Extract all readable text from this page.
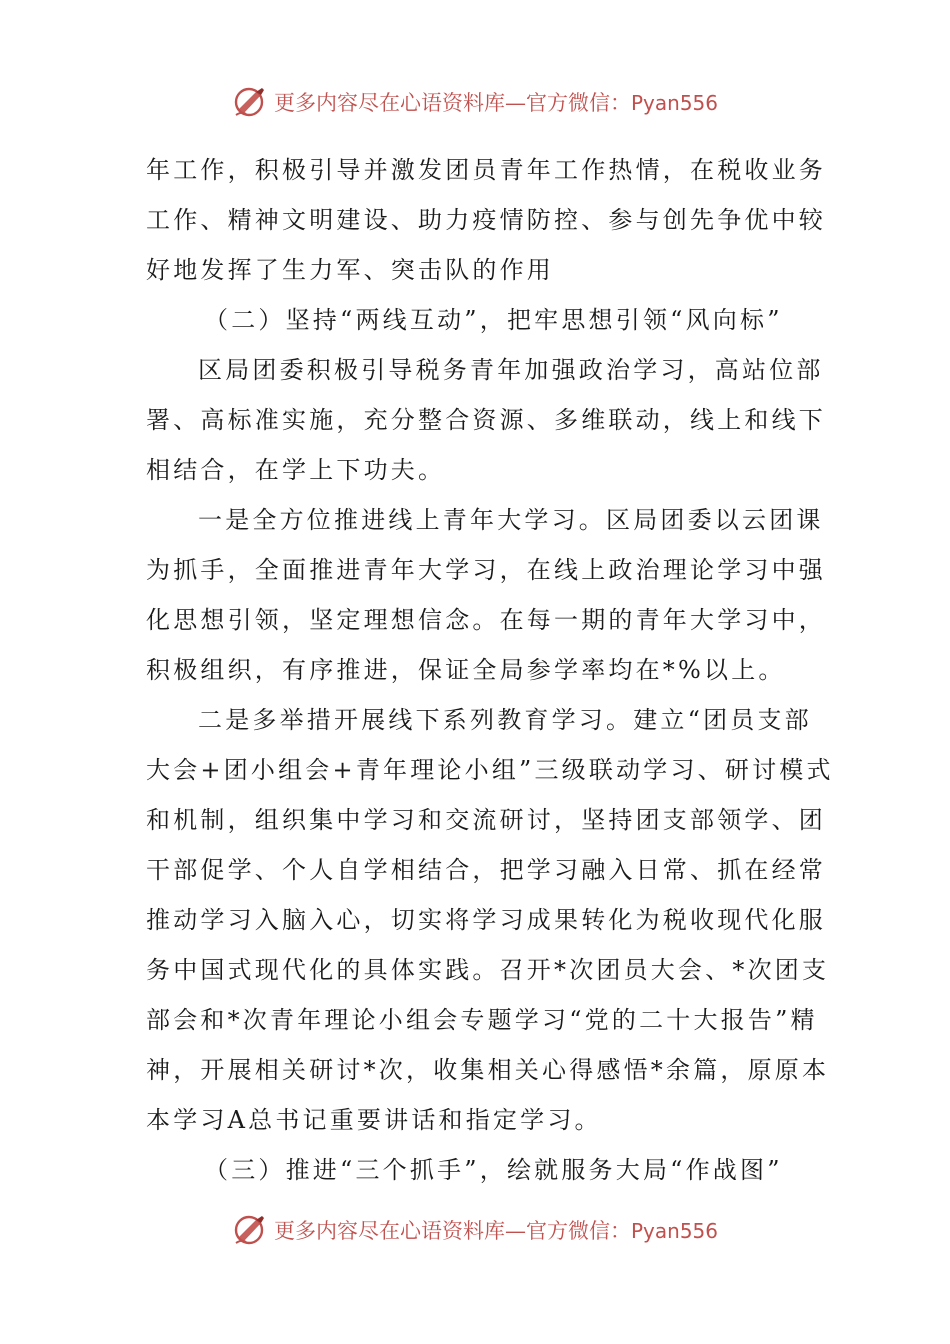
更多内容尽在心语资料库—官方微信：Pyan556
年工作，积极引导并激发团员青年工作热情，在税收业务
工作、精神文明建设、助力疫情防控、参与创先争优中较
好地发挥了生力军、突击队的作用
（二）坚持“两线互动”，把牢思想引领“风向标”
区局团委积极引导税务青年加强政治学习，高站位部
署、高标准实施，充分整合资源、多维联动，线上和线下
相结合，在学上下功夫。
一是全方位推进线上青年大学习。区局团委以云团课
为抓手，全面推进青年大学习，在线上政治理论学习中强
化思想引领，坚定理想信念。在每一期的青年大学习中，
积极组织，有序推进，保证全局参学率均在*%以上。
二是多举措开展线下系列教育学习。建立“团员支部
大会+团小组会+青年理论小组”三级联动学习、研讨模式
和机制，组织集中学习和交流研讨，坚持团支部领学、团
干部促学、个人自学相结合，把学习融入日常、抓在经常
推动学习入脑入心，切实将学习成果转化为税收现代化服
务中国式现代化的具体实践。召开*次团员大会、*次团支
部会和*次青年理论小组会专题学习“党的二十大报告”精
神，开展相关研讨*次，收集相关心得感悟*余篇，原原本
本学习A总书记重要讲话和指定学习。
（三）推进“三个抓手”，绘就服务大局“作战图”
更多内容尽在心语资料库—官方微信：Pyan556
